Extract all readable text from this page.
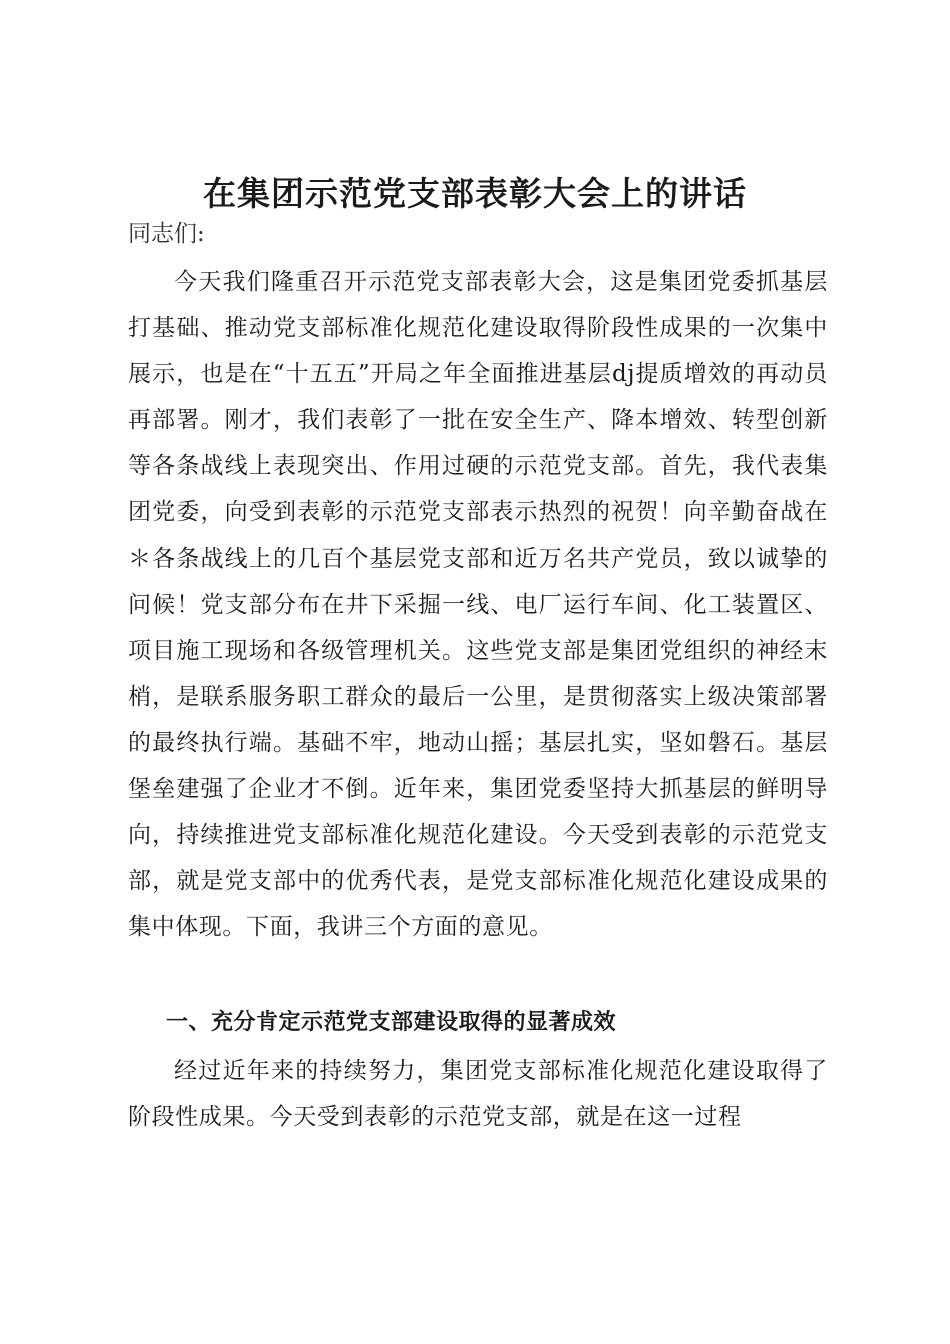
在集团示范党支部表彰大会上的讲话
同志们:

今天我们隆重召开示范党支部表彰大会，这是集团党委抓基层打基础、推动党支部标准化规范化建设取得阶段性成果的一次集中展示，也是在“十五五”开局之年全面推进基层dj提质增效的再动员再部署。刚才，我们表彰了一批在安全生产、降本增效、转型创新等各条战线上表现突出、作用过硬的示范党支部。首先，我代表集团党委，向受到表彰的示范党支部表示热烈的祝贺！向辛勤奋战在＊各条战线上的几百个基层党支部和近万名共产党员，致以诚挚的问候！党支部分布在井下采掘一线、电厂运行车间、化工装置区、项目施工现场和各级管理机关。这些党支部是集团党组织的神经末梢，是联系服务职工群众的最后一公里，是贯彻落实上级决策部署的最终执行端。基础不牢，地动山摇；基层扎实，坚如磐石。基层堡垒建强了企业才不倒。近年来，集团党委坚持大抓基层的鲜明导向，持续推进党支部标准化规范化建设。今天受到表彰的示范党支部，就是党支部中的优秀代表，是党支部标准化规范化建设成果的集中体现。下面，我讲三个方面的意见。

一、充分肯定示范党支部建设取得的显著成效

经过近年来的持续努力，集团党支部标准化规范化建设取得了阶段性成果。今天受到表彰的示范党支部，就是在这一过程
